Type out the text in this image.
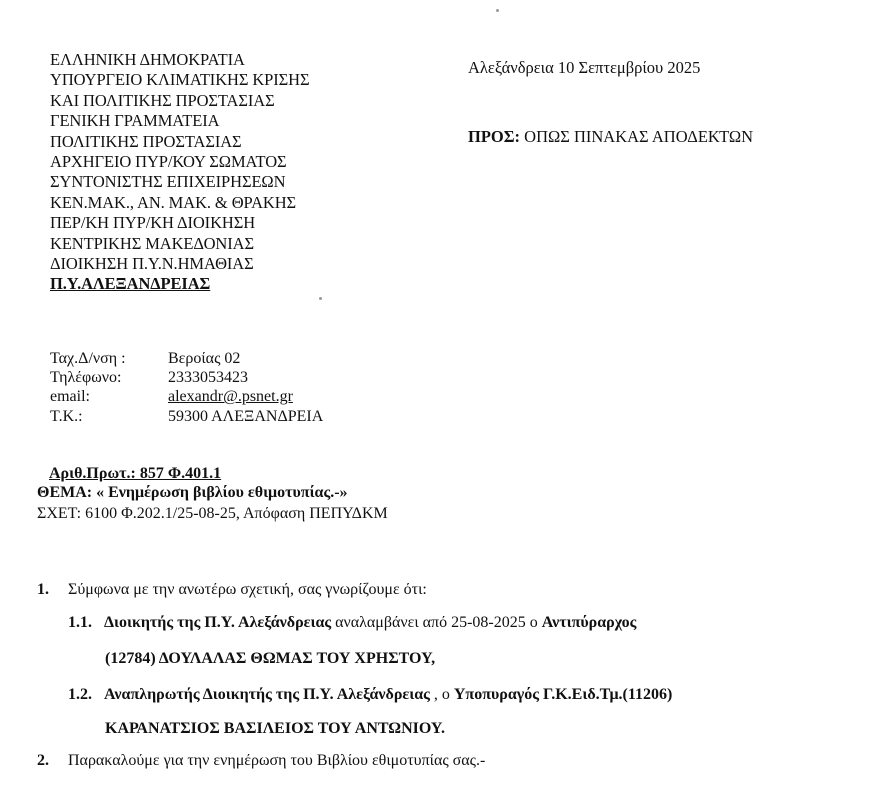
ΕΛΛΗΝΙΚΗ ΔΗΜΟΚΡΑΤΙΑ
ΥΠΟΥΡΓΕΙΟ ΚΛΙΜΑΤΙΚΗΣ ΚΡΙΣΗΣ
ΚΑΙ ΠΟΛΙΤΙΚΗΣ ΠΡΟΣΤΑΣΙΑΣ
ΓΕΝΙΚΗ ΓΡΑΜΜΑΤΕΙΑ
ΠΟΛΙΤΙΚΗΣ ΠΡΟΣΤΑΣΙΑΣ
ΑΡΧΗΓΕΙΟ ΠΥΡ/ΚΟΥ ΣΩΜΑΤΟΣ
ΣΥΝΤΟΝΙΣΤΗΣ ΕΠΙΧΕΙΡΗΣΕΩΝ
ΚΕΝ.ΜΑΚ., ΑΝ. ΜΑΚ. & ΘΡΑΚΗΣ
ΠΕΡ/ΚΗ ΠΥΡ/ΚΗ ΔΙΟΙΚΗΣΗ
ΚΕΝΤΡΙΚΗΣ ΜΑΚΕΔΟΝΙΑΣ
ΔΙΟΙΚΗΣΗ Π.Υ.Ν.ΗΜΑΘΙΑΣ
Π.Υ.ΑΛΕΞΑΝΔΡΕΙΑΣ
Αλεξάνδρεια 10 Σεπτεμβρίου 2025
ΠΡΟΣ: ΟΠΩΣ ΠΙΝΑΚΑΣ ΑΠΟΔΕΚΤΩΝ
Ταχ.Δ/νση :	Βεροίας 02
Τηλέφωνο:	2333053423
email:	alexandr@.psnet.gr
Τ.Κ.:	59300 ΑΛΕΞΑΝΔΡΕΙΑ
Αριθ.Πρωτ.: 857 Φ.401.1
ΘΕΜΑ: « Ενημέρωση βιβλίου εθιμοτυπίας.-»
ΣΧΕΤ: 6100 Φ.202.1/25-08-25, Απόφαση ΠΕΠΥΔΚΜ
1. Σύμφωνα με την ανωτέρω σχετική, σας γνωρίζουμε ότι:
1.1. Διοικητής της Π.Υ. Αλεξάνδρειας αναλαμβάνει από 25-08-2025 ο Αντιπύραρχος
(12784) ΔΟΥΛΑΛΑΣ ΘΩΜΑΣ ΤΟΥ ΧΡΗΣΤΟΥ,
1.2. Αναπληρωτής Διοικητής της Π.Υ. Αλεξάνδρειας , ο Υποπυραγός Γ.Κ.Ειδ.Τμ.(11206)
ΚΑΡΑΝΑΤΣΙΟΣ ΒΑΣΙΛΕΙΟΣ ΤΟΥ ΑΝΤΩΝΙΟΥ.
2. Παρακαλούμε για την ενημέρωση του Βιβλίου εθιμοτυπίας σας.-
